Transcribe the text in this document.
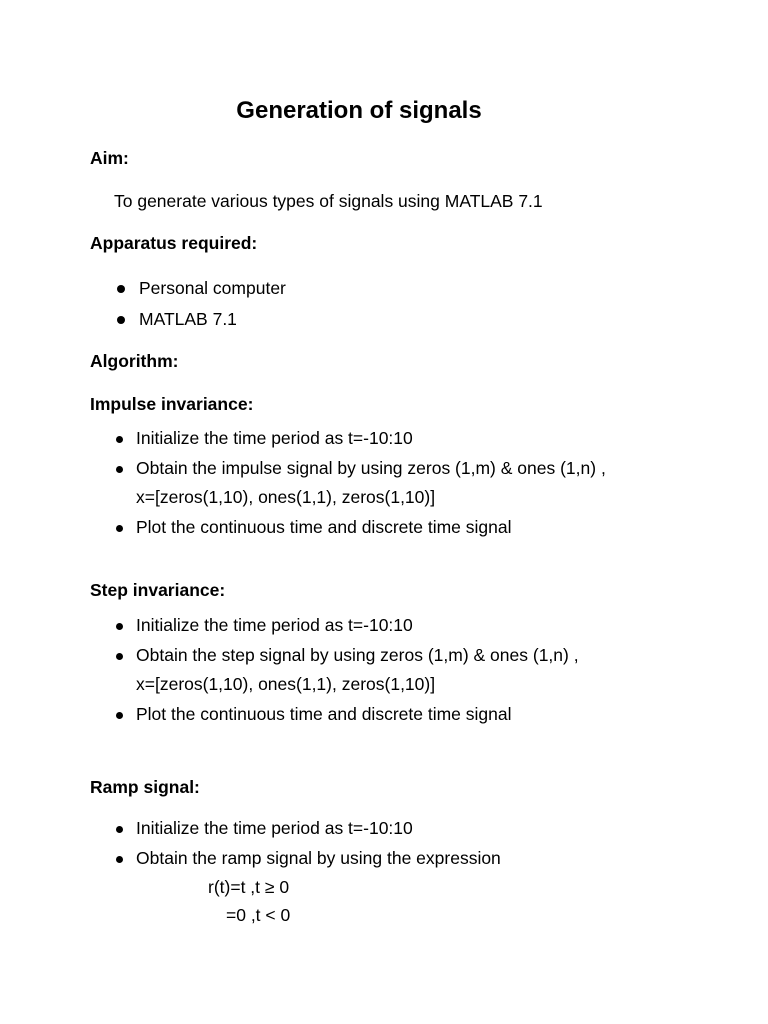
Generation of signals
Aim:
To generate various types of signals using MATLAB 7.1
Apparatus required:
Personal computer
MATLAB 7.1
Algorithm:
Impulse invariance:
Initialize the time period as t=-10:10
Obtain the impulse signal by using zeros (1,m) & ones (1,n) ,
x=[zeros(1,10), ones(1,1), zeros(1,10)]
Plot the continuous time and discrete time signal
Step invariance:
Initialize the time period as t=-10:10
Obtain the step signal by using zeros (1,m) & ones (1,n) ,
x=[zeros(1,10), ones(1,1), zeros(1,10)]
Plot the continuous time and discrete time signal
Ramp signal:
Initialize the time period as t=-10:10
Obtain the ramp signal by using the expression
r(t)=t ,t ≥ 0
=0 ,t < 0
